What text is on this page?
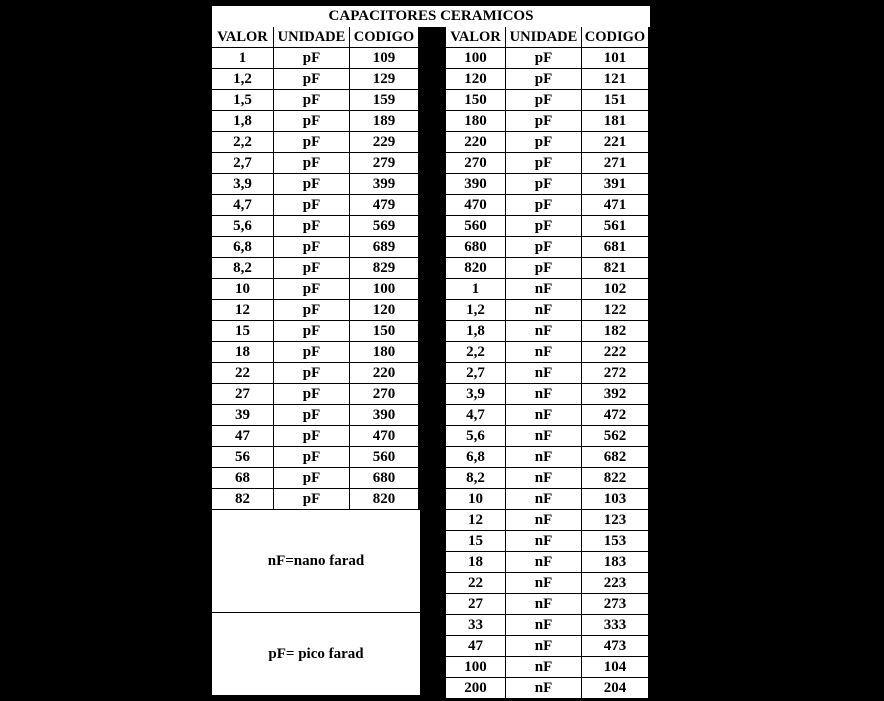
CAPACITORES CERAMICOS
VALOR UNIDADE CODIGO
1	pF	109
1,2	pF	129
1,5	pF	159
1,8	pF	189
2,2	pF	229
2,7	pF	279
3,9	pF	399
4,7	pF	479
5,6	pF	569
6,8	pF	689
8,2	pF	829
10	pF	100
12	pF	120
15	pF	150
18	pF	180
22	pF	220
27	pF	270
39	pF	390
47	pF	470
56	pF	560
68	pF	680
82	pF	820
VALOR UNIDADE CODIGO
100	pF	101
120	pF	121
150	pF	151
180	pF	181
220	pF	221
270	pF	271
390	pF	391
470	pF	471
560	pF	561
680	pF	681
820	pF	821
1	nF	102
1,2	nF	122
1,8	nF	182
2,2	nF	222
2,7	nF	272
3,9	nF	392
4,7	nF	472
5,6	nF	562
6,8	nF	682
8,2	nF	822
10	nF	103
12	nF	123
15	nF	153
18	nF	183
22	nF	223
27	nF	273
33	nF	333
47	nF	473
100	nF	104
200	nF	204
nF=nano farad
pF= pico farad
